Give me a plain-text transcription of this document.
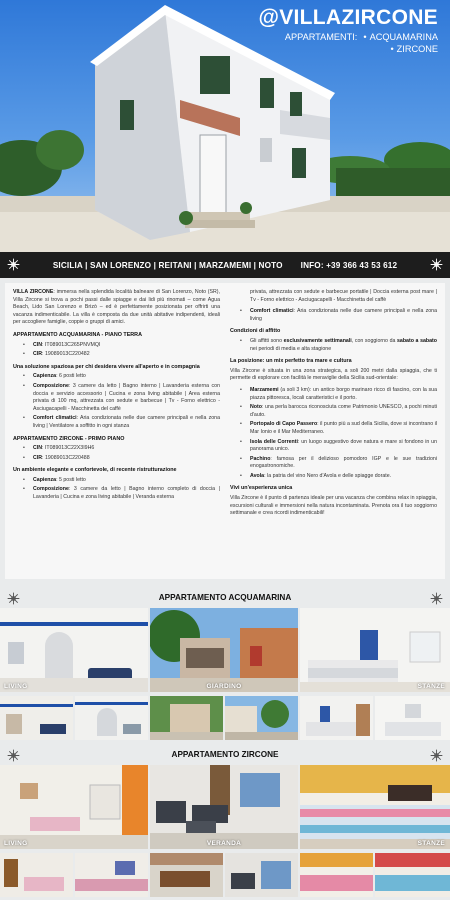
@VILLAZIRCONE
APPARTAMENTI: • ACQUAMARINA
• ZIRCONE
SICILIA | SAN LORENZO | REITANI | MARZAMEMI | NOTO INFO: +39 366 43 53 612

VILLA ZIRCONE: immersa nella splendida località balneare di San Lorenzo, Noto (SR), Villa Zircone si trova a pochi passi dalle spiagge e dai lidi più rinomati – come Agua Beach, Lido San Lorenzo e Brizò – ed è perfettamente posizionata per offrirti una vacanza indimenticabile. La villa è composta da due unità abitative indipendenti, ideali per accogliere famiglie, coppie o gruppi di amici.

APPARTAMENTO ACQUAMARINA - PIANO TERRA
• CIN: IT089013C265PNVMQI
• CIR: 19089013C220482
Una soluzione spaziosa per chi desidera vivere all'aperto e in compagnia
• Capienza: 6 posti letto
• Composizione: 3 camere da letto | Bagno interno | Lavanderia esterna con doccia e servizio accessorio | Cucina e zona living abitabile | Area esterna privata di 100 mq, attrezzata con sedute e barbecue | Tv - Forno elettrico - Asciugacapelli - Macchinetta del caffè
• Comfort climatici: Aria condizionata nelle due camere principali e nella zona living | Ventilatore a soffitto in ogni stanza
APPARTAMENTO ZIRCONE - PRIMO PIANO
• CIN: IT089013C22X3I9H6
• CIR: 19089013C220488
Un ambiente elegante e confortevole, di recente ristrutturazione
• Capienza: 5 posti letto
• Composizione: 3 camere da letto | Bagno interno completo di doccia | Lavanderia | Cucina e zona living abitabile | Veranda esterna

privata, attrezzata con sedute e barbecue portatile | Doccia esterna post mare | Tv - Forno elettrico - Asciugacapelli - Macchinetta del caffè

• Comfort climatici: Aria condizionata nelle due camere principali e nella zona living
Condizioni di affitto
• Gli affitti sono esclusivamente settimanali, con soggiorno da sabato a sabato nei periodi di media e alta stagione
La posizione: un mix perfetto tra mare e cultura

Villa Zircone è situata in una zona strategica, a soli 200 metri dalla spiaggia, che ti permette di esplorare con facilità le meraviglie della Sicilia sud-orientale:

• Marzamemi (a soli 3 km): un antico borgo marinaro ricco di fascino, con la sua piazza pittoresca, locali caratteristici e il porto.
• Noto: una perla barocca riconosciuta come Patrimonio UNESCO, a pochi minuti d'auto.
• Portopalo di Capo Passero: il punto più a sud della Sicilia, dove si incontrano il Mar Ionio e il Mar Mediterraneo.
• Isola delle Correnti: un luogo suggestivo dove natura e mare si fondono in un panorama unico.
• Pachino: famosa per il delizioso pomodoro IGP e le sue tradizioni enogastronomiche.
• Avola: la patria del vino Nero d'Avola e delle spiagge dorate.
Vivi un'esperienza unica

Villa Zircone è il punto di partenza ideale per una vacanza che combina relax in spiaggia, escursioni culturali e immersioni nella natura incontaminata. Prenota ora il tuo soggiorno settimanale e crea ricordi indimenticabili!

APPARTAMENTO ACQUAMARINA
LIVING	GIARDINO	STANZE
APPARTAMENTO ZIRCONE
LIVING	VERANDA	STANZE
